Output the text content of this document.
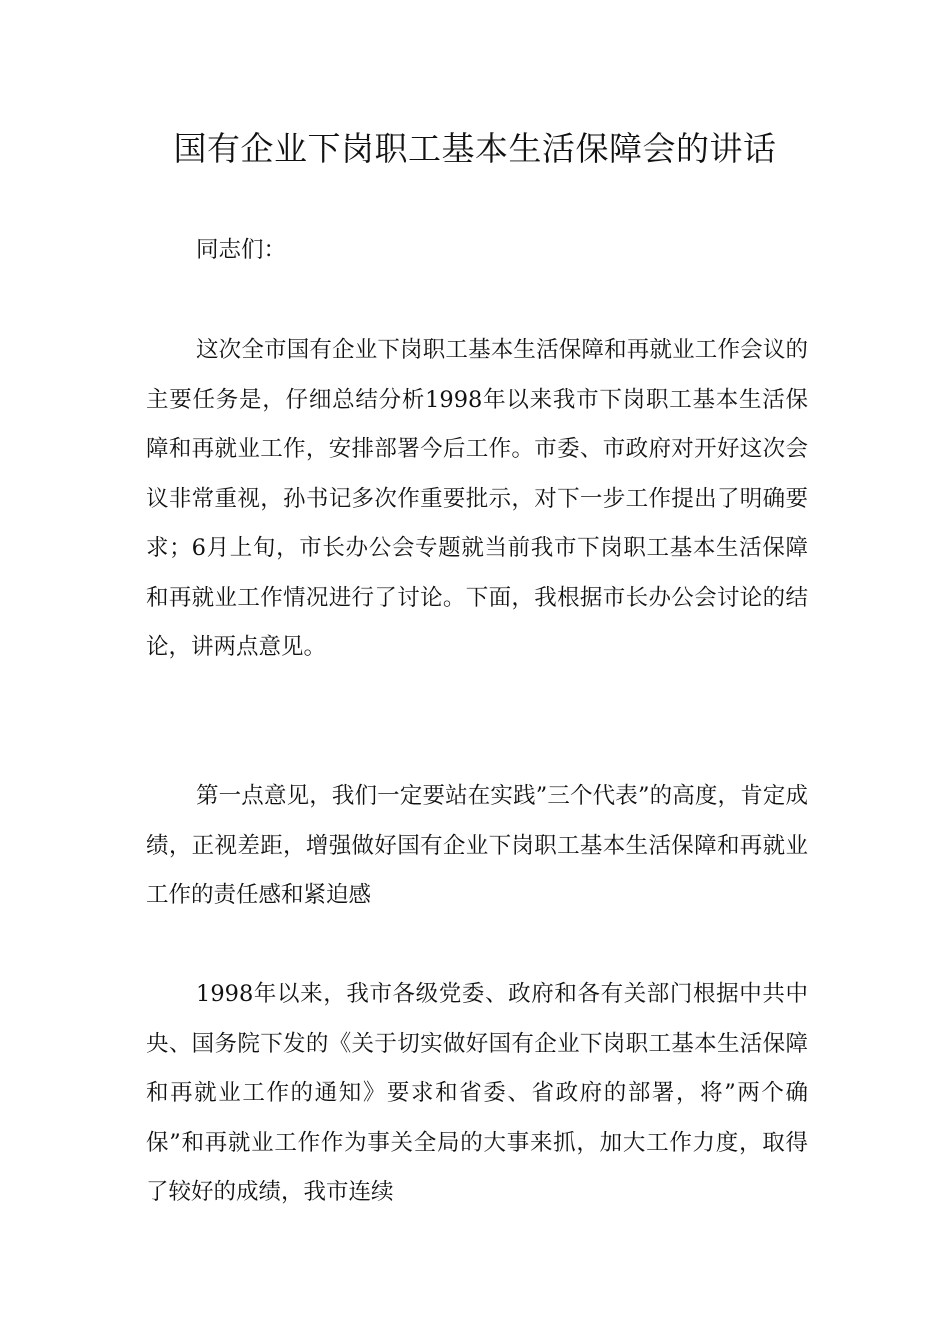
国有企业下岗职工基本生活保障会的讲话

同志们：

这次全市国有企业下岗职工基本生活保障和再就业工作会议的主要任务是，仔细总结分析1998年以来我市下岗职工基本生活保障和再就业工作，安排部署今后工作。市委、市政府对开好这次会议非常重视，孙书记多次作重要批示，对下一步工作提出了明确要求；6月上旬，市长办公会专题就当前我市下岗职工基本生活保障和再就业工作情况进行了讨论。下面，我根据市长办公会讨论的结论，讲两点意见。

第一点意见，我们一定要站在实践”三个代表”的高度，肯定成绩，正视差距，增强做好国有企业下岗职工基本生活保障和再就业工作的责任感和紧迫感

1998年以来，我市各级党委、政府和各有关部门根据中共中央、国务院下发的《关于切实做好国有企业下岗职工基本生活保障和再就业工作的通知》要求和省委、省政府的部署，将”两个确保”和再就业工作作为事关全局的大事来抓，加大工作力度，取得了较好的成绩，我市连续
